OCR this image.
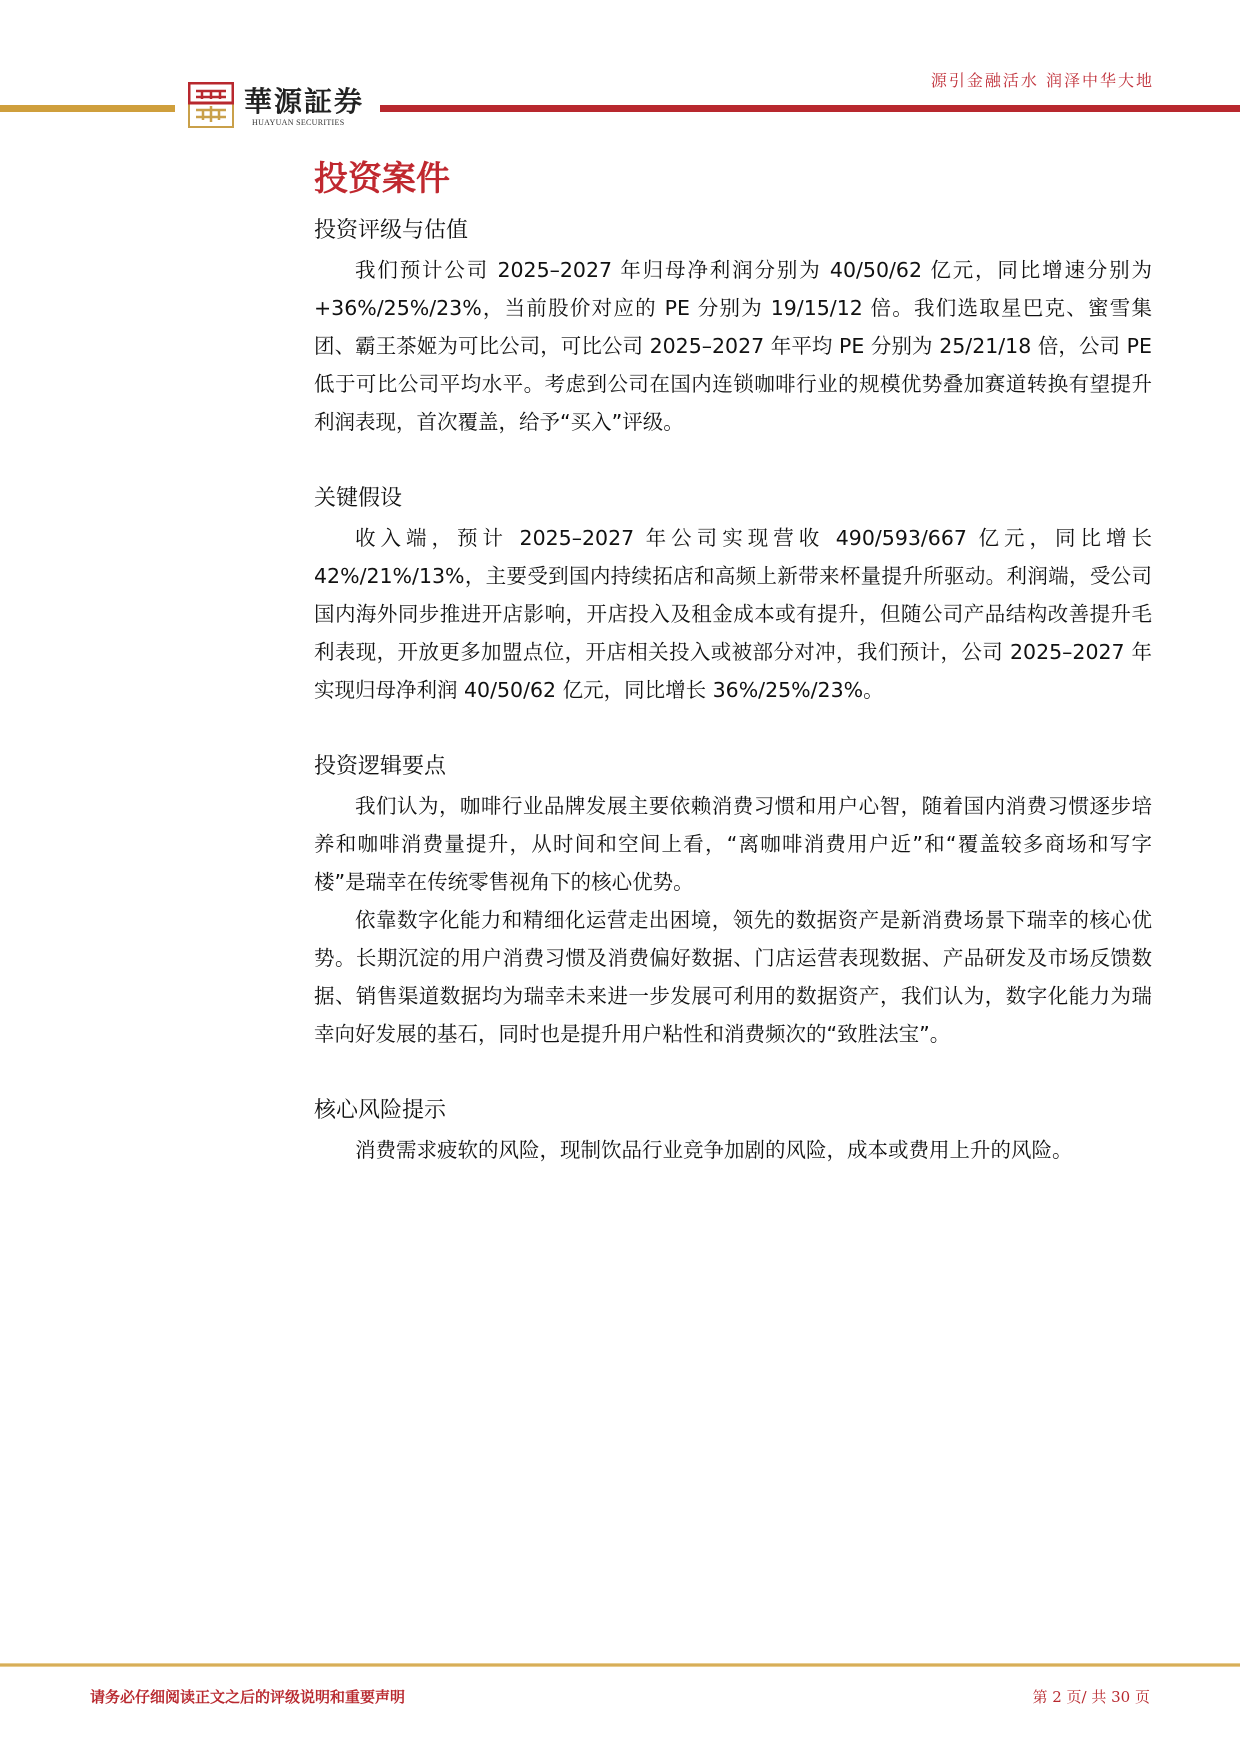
華源証券
HUAYUAN SECURITIES
源引金融活水 润泽中华大地
投资案件
投资评级与估值

我们预计公司 2025–2027 年归母净利润分别为 40/50/62 亿元，同比增速分别为+36%/25%/23%，当前股价对应的 PE 分别为 19/15/12 倍。我们选取星巴克、蜜雪集团、霸王茶姬为可比公司，可比公司 2025–2027 年平均 PE 分别为 25/21/18 倍，公司 PE 低于可比公司平均水平。考虑到公司在国内连锁咖啡行业的规模优势叠加赛道转换有望提升利润表现，首次覆盖，给予“买入”评级。

关键假设

收入端，预计 2025–2027 年公司实现营收 490/593/667 亿元，同比增长42%/21%/13%，主要受到国内持续拓店和高频上新带来杯量提升所驱动。利润端，受公司国内海外同步推进开店影响，开店投入及租金成本或有提升，但随公司产品结构改善提升毛利表现，开放更多加盟点位，开店相关投入或被部分对冲，我们预计，公司 2025–2027 年实现归母净利润 40/50/62 亿元，同比增长 36%/25%/23%。

投资逻辑要点

我们认为，咖啡行业品牌发展主要依赖消费习惯和用户心智，随着国内消费习惯逐步培养和咖啡消费量提升，从时间和空间上看，“离咖啡消费用户近”和“覆盖较多商场和写字楼”是瑞幸在传统零售视角下的核心优势。

依靠数字化能力和精细化运营走出困境，领先的数据资产是新消费场景下瑞幸的核心优势。长期沉淀的用户消费习惯及消费偏好数据、门店运营表现数据、产品研发及市场反馈数据、销售渠道数据均为瑞幸未来进一步发展可利用的数据资产，我们认为，数字化能力为瑞幸向好发展的基石，同时也是提升用户粘性和消费频次的“致胜法宝”。

核心风险提示

消费需求疲软的风险，现制饮品行业竞争加剧的风险，成本或费用上升的风险。

请务必仔细阅读正文之后的评级说明和重要声明	第 2 页/ 共 30 页
